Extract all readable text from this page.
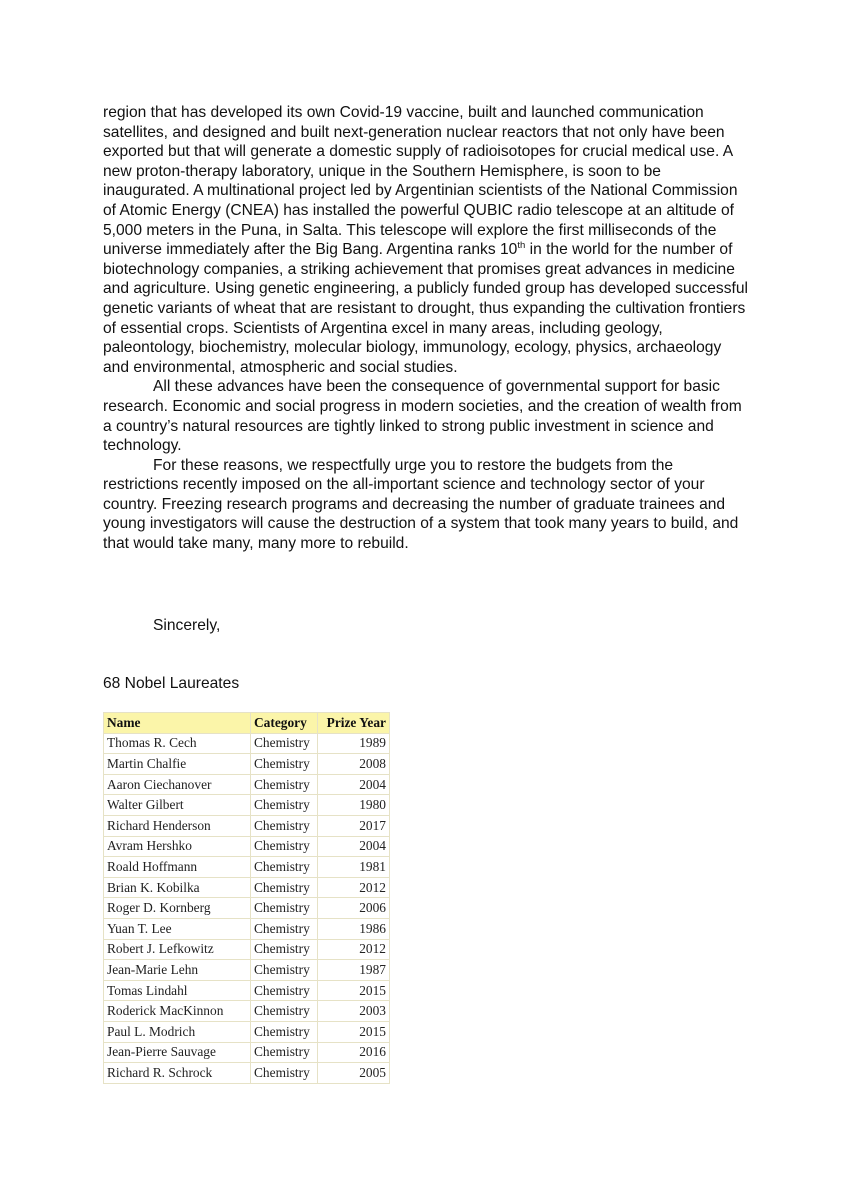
region that has developed its own Covid-19 vaccine, built and launched communication satellites, and designed and built next-generation nuclear reactors that not only have been exported but that will generate a domestic supply of radioisotopes for crucial medical use. A new proton-therapy laboratory, unique in the Southern Hemisphere, is soon to be inaugurated. A multinational project led by Argentinian scientists of the National Commission of Atomic Energy (CNEA) has installed the powerful QUBIC radio telescope at an altitude of 5,000 meters in the Puna, in Salta. This telescope will explore the first milliseconds of the universe immediately after the Big Bang. Argentina ranks 10th in the world for the number of biotechnology companies, a striking achievement that promises great advances in medicine and agriculture. Using genetic engineering, a publicly funded group has developed successful genetic variants of wheat that are resistant to drought, thus expanding the cultivation frontiers of essential crops. Scientists of Argentina excel in many areas, including geology, paleontology, biochemistry, molecular biology, immunology, ecology, physics, archaeology and environmental, atmospheric and social studies.

All these advances have been the consequence of governmental support for basic research. Economic and social progress in modern societies, and the creation of wealth from a country’s natural resources are tightly linked to strong public investment in science and technology.

For these reasons, we respectfully urge you to restore the budgets from the restrictions recently imposed on the all-important science and technology sector of your country. Freezing research programs and decreasing the number of graduate trainees and young investigators will cause the destruction of a system that took many years to build, and that would take many, many more to rebuild.

Sincerely,
68 Nobel Laureates
Name	Category	Prize Year
Thomas R. Cech	Chemistry	1989
Martin Chalfie	Chemistry	2008
Aaron Ciechanover	Chemistry	2004
Walter Gilbert	Chemistry	1980
Richard Henderson	Chemistry	2017
Avram Hershko	Chemistry	2004
Roald Hoffmann	Chemistry	1981
Brian K. Kobilka	Chemistry	2012
Roger D. Kornberg	Chemistry	2006
Yuan T. Lee	Chemistry	1986
Robert J. Lefkowitz	Chemistry	2012
Jean-Marie Lehn	Chemistry	1987
Tomas Lindahl	Chemistry	2015
Roderick MacKinnon	Chemistry	2003
Paul L. Modrich	Chemistry	2015
Jean-Pierre Sauvage	Chemistry	2016
Richard R. Schrock	Chemistry	2005
